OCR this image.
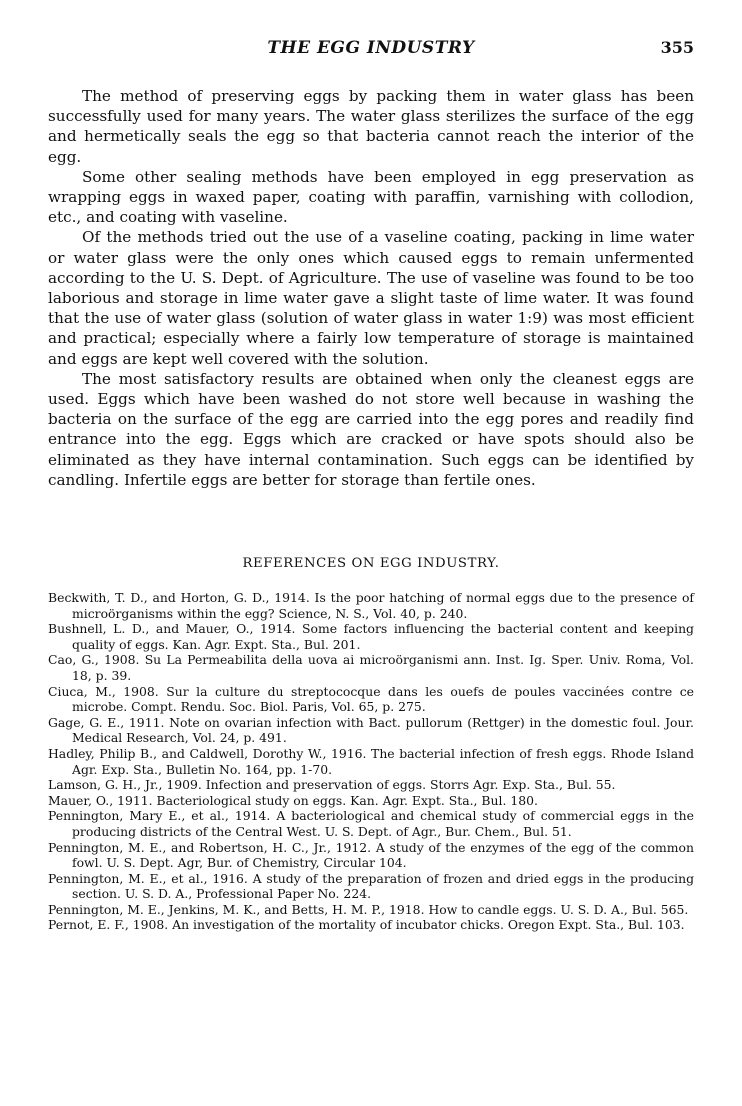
THE EGG INDUSTRY	355

The method of preserving eggs by packing them in water glass has been successfully used for many years. The water glass sterilizes the surface of the egg and hermetically seals the egg so that bacteria cannot reach the interior of the egg.

Some other sealing methods have been employed in egg preservation as wrapping eggs in waxed paper, coating with paraffin, varnishing with collodion, etc., and coating with vaseline.

Of the methods tried out the use of a vaseline coating, packing in lime water or water glass were the only ones which caused eggs to remain unfermented according to the U. S. Dept. of Agriculture. The use of vaseline was found to be too laborious and storage in lime water gave a slight taste of lime water. It was found that the use of water glass (solution of water glass in water 1:9) was most efficient and practical; especially where a fairly low temperature of storage is maintained and eggs are kept well covered with the solution.

The most satisfactory results are obtained when only the cleanest eggs are used. Eggs which have been washed do not store well because in washing the bacteria on the surface of the egg are carried into the egg pores and readily find entrance into the egg. Eggs which are cracked or have spots should also be eliminated as they have internal contamination. Such eggs can be identified by candling. Infertile eggs are better for storage than fertile ones.

REFERENCES ON EGG INDUSTRY.

Beckwith, T. D., and Horton, G. D., 1914. Is the poor hatching of normal eggs due to the presence of microörganisms within the egg? Science, N. S., Vol. 40, p. 240.

Bushnell, L. D., and Mauer, O., 1914. Some factors influencing the bacterial content and keeping quality of eggs. Kan. Agr. Expt. Sta., Bul. 201.

Cao, G., 1908. Su La Permeabilita della uova ai microörganismi ann. Inst. Ig. Sper. Univ. Roma, Vol. 18, p. 39.

Ciuca, M., 1908. Sur la culture du streptococque dans les ouefs de poules vaccinées contre ce microbe. Compt. Rendu. Soc. Biol. Paris, Vol. 65, p. 275.

Gage, G. E., 1911. Note on ovarian infection with Bact. pullorum (Rettger) in the domestic foul. Jour. Medical Research, Vol. 24, p. 491.

Hadley, Philip B., and Caldwell, Dorothy W., 1916. The bacterial infection of fresh eggs. Rhode Island Agr. Exp. Sta., Bulletin No. 164, pp. 1-70.

Lamson, G. H., Jr., 1909. Infection and preservation of eggs. Storrs Agr. Exp. Sta., Bul. 55.

Mauer, O., 1911. Bacteriological study on eggs. Kan. Agr. Expt. Sta., Bul. 180.

Pennington, Mary E., et al., 1914. A bacteriological and chemical study of commercial eggs in the producing districts of the Central West. U. S. Dept. of Agr., Bur. Chem., Bul. 51.

Pennington, M. E., and Robertson, H. C., Jr., 1912. A study of the enzymes of the egg of the common fowl. U. S. Dept. Agr, Bur. of Chemistry, Circular 104.

Pennington, M. E., et al., 1916. A study of the preparation of frozen and dried eggs in the producing section. U. S. D. A., Professional Paper No. 224.

Pennington, M. E., Jenkins, M. K., and Betts, H. M. P., 1918. How to candle eggs. U. S. D. A., Bul. 565.

Pernot, E. F., 1908. An investigation of the mortality of incubator chicks. Oregon Expt. Sta., Bul. 103.
